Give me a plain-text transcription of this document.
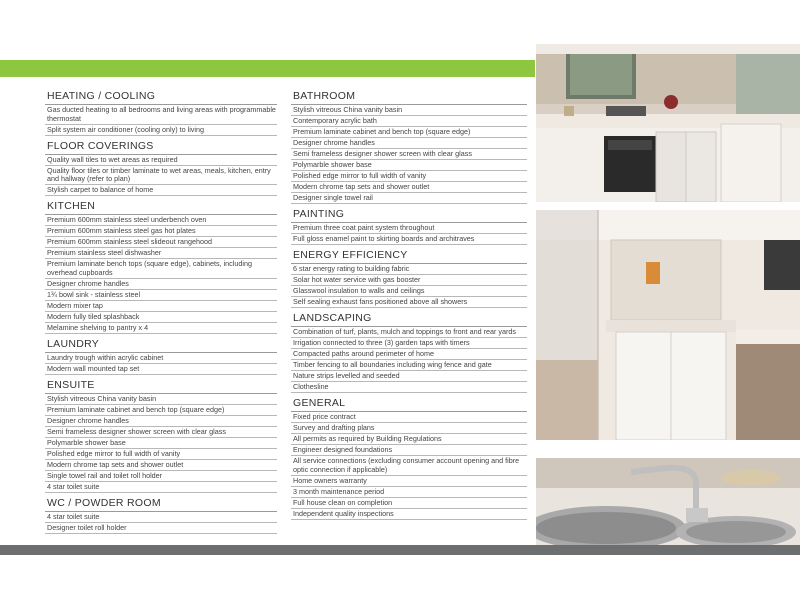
HEATING / COOLING
Gas ducted heating to all bedrooms and living areas with programmable thermostat
Split system air conditioner (cooling only) to living
FLOOR COVERINGS
Quality wall tiles to wet areas as required
Quality floor tiles or timber laminate to wet areas, meals, kitchen, entry and hallway (refer to plan)
Stylish carpet to balance of home
KITCHEN
Premium 600mm stainless steel underbench oven
Premium 600mm stainless steel gas hot plates
Premium 600mm stainless steel slideout rangehood
Premium stainless steel dishwasher
Premium laminate bench tops (square edge), cabinets, including overhead cupboards
Designer chrome handles
1¾ bowl sink - stainless steel
Modern mixer tap
Modern fully tiled splashback
Melamine shelving to pantry x 4
LAUNDRY
Laundry trough within acrylic cabinet
Modern wall mounted tap set
ENSUITE
Stylish vitreous China vanity basin
Premium laminate cabinet and bench top (square edge)
Designer chrome handles
Semi frameless designer shower screen with clear glass
Polymarble shower base
Polished edge mirror to full width of vanity
Modern chrome tap sets and shower outlet
Single towel rail and toilet roll holder
4 star toilet suite
WC / POWDER ROOM
4 star toilet suite
Designer toilet roll holder
BATHROOM
Stylish vitreous China vanity basin
Contemporary acrylic bath
Premium laminate cabinet and bench top (square edge)
Designer chrome handles
Semi frameless designer shower screen with clear glass
Polymarble shower base
Polished edge mirror to full width of vanity
Modern chrome tap sets and shower outlet
Designer single towel rail
PAINTING
Premium three coat paint system throughout
Full gloss enamel paint to skirting boards and architraves
ENERGY EFFICIENCY
6 star energy rating to building fabric
Solar hot water service with gas booster
Glasswool insulation to walls and ceilings
Self sealing exhaust fans positioned above all showers
LANDSCAPING
Combination of turf, plants, mulch and toppings to front and rear yards
Irrigation connected to three (3) garden taps with timers
Compacted paths around perimeter of home
Timber fencing to all boundaries including wing fence and gate
Nature strips levelled and seeded
Clothesline
GENERAL
Fixed price contract
Survey and drafting plans
All permits as required by Building Regulations
Engineer designed foundations
All service connections (excluding consumer account opening and fibre optic connection if applicable)
Home owners warranty
3 month maintenance period
Full house clean on completion
Independent quality inspections
